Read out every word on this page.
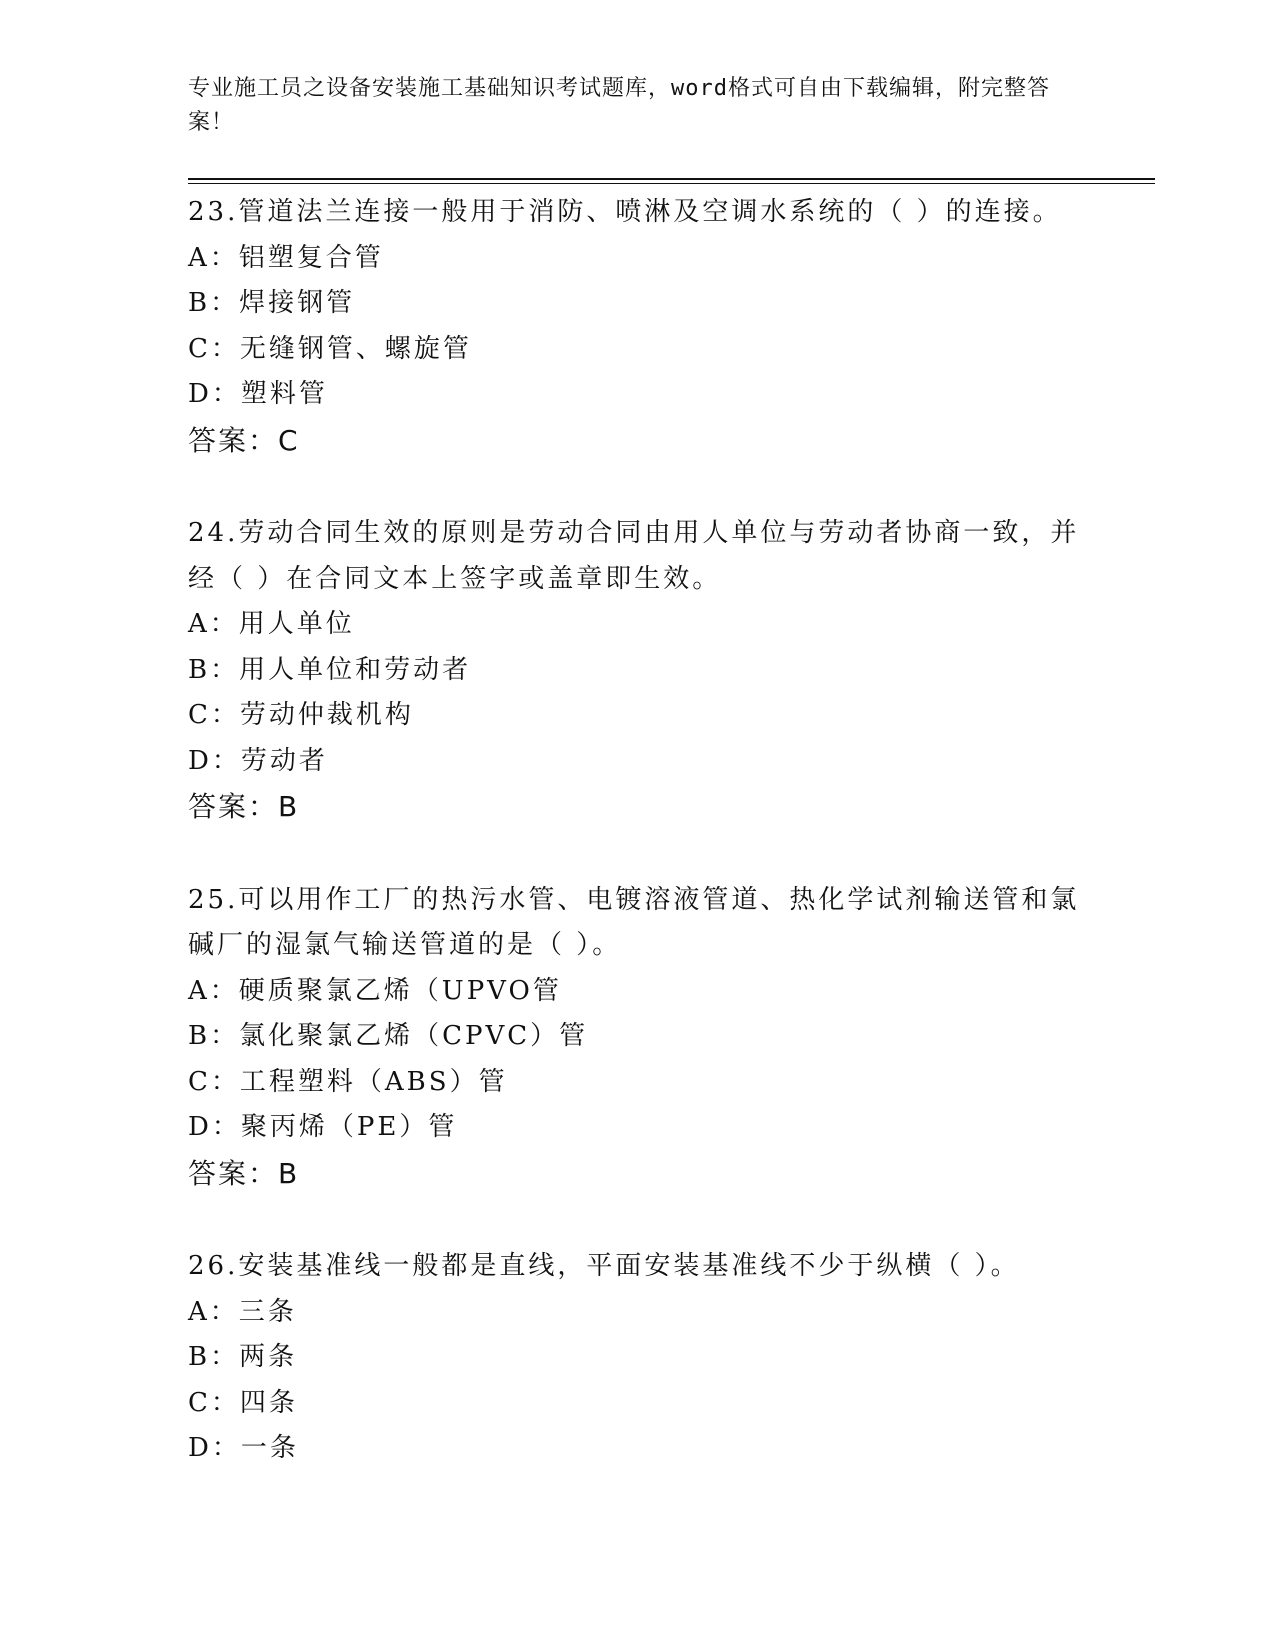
专业施工员之设备安装施工基础知识考试题库，word格式可自由下载编辑，附完整答案！
23.管道法兰连接一般用于消防、喷淋及空调水系统的（ ）的连接。
A：铝塑复合管
B：焊接钢管
C：无缝钢管、螺旋管
D：塑料管
答案：C
24.劳动合同生效的原则是劳动合同由用人单位与劳动者协商一致，并经（ ）在合同文本上签字或盖章即生效。
A：用人单位
B：用人单位和劳动者
C：劳动仲裁机构
D：劳动者
答案：B
25.可以用作工厂的热污水管、电镀溶液管道、热化学试剂输送管和氯碱厂的湿氯气输送管道的是（ ）。
A：硬质聚氯乙烯（UPVO管
B：氯化聚氯乙烯（CPVC）管
C：工程塑料（ABS）管
D：聚丙烯（PE）管
答案：B
26.安装基准线一般都是直线，平面安装基准线不少于纵横（ ）。
A：三条
B：两条
C：四条
D：一条
